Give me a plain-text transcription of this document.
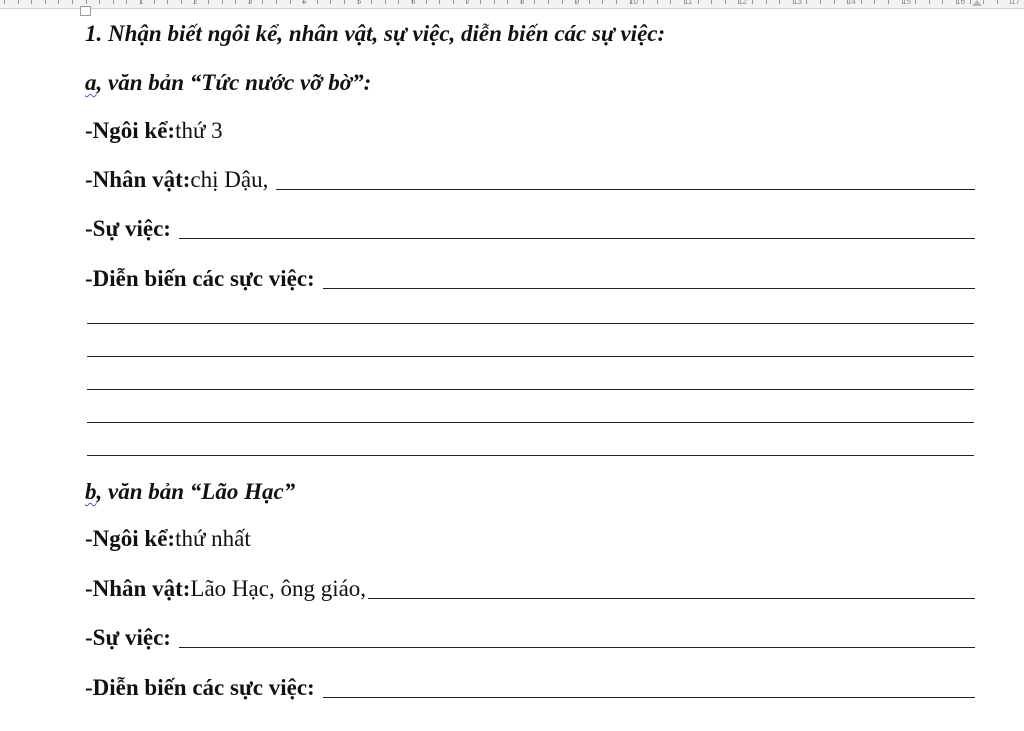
1	2	3	4	5	6	7	8	9	10	11	12	13	14	15	16	17
1. Nhận biết ngôi kể, nhân vật, sự việc, diễn biến các sự việc:
a , văn bản “Tức nước vỡ bờ”:
-Ngôi kể: thứ 3
-Nhân vật: chị Dậu,
-Sự việc:
-Diễn biến các sực việc:
b , văn bản “Lão Hạc”
-Ngôi kể: thứ nhất
-Nhân vật: Lão Hạc, ông giáo,
-Sự việc:
-Diễn biến các sực việc:
